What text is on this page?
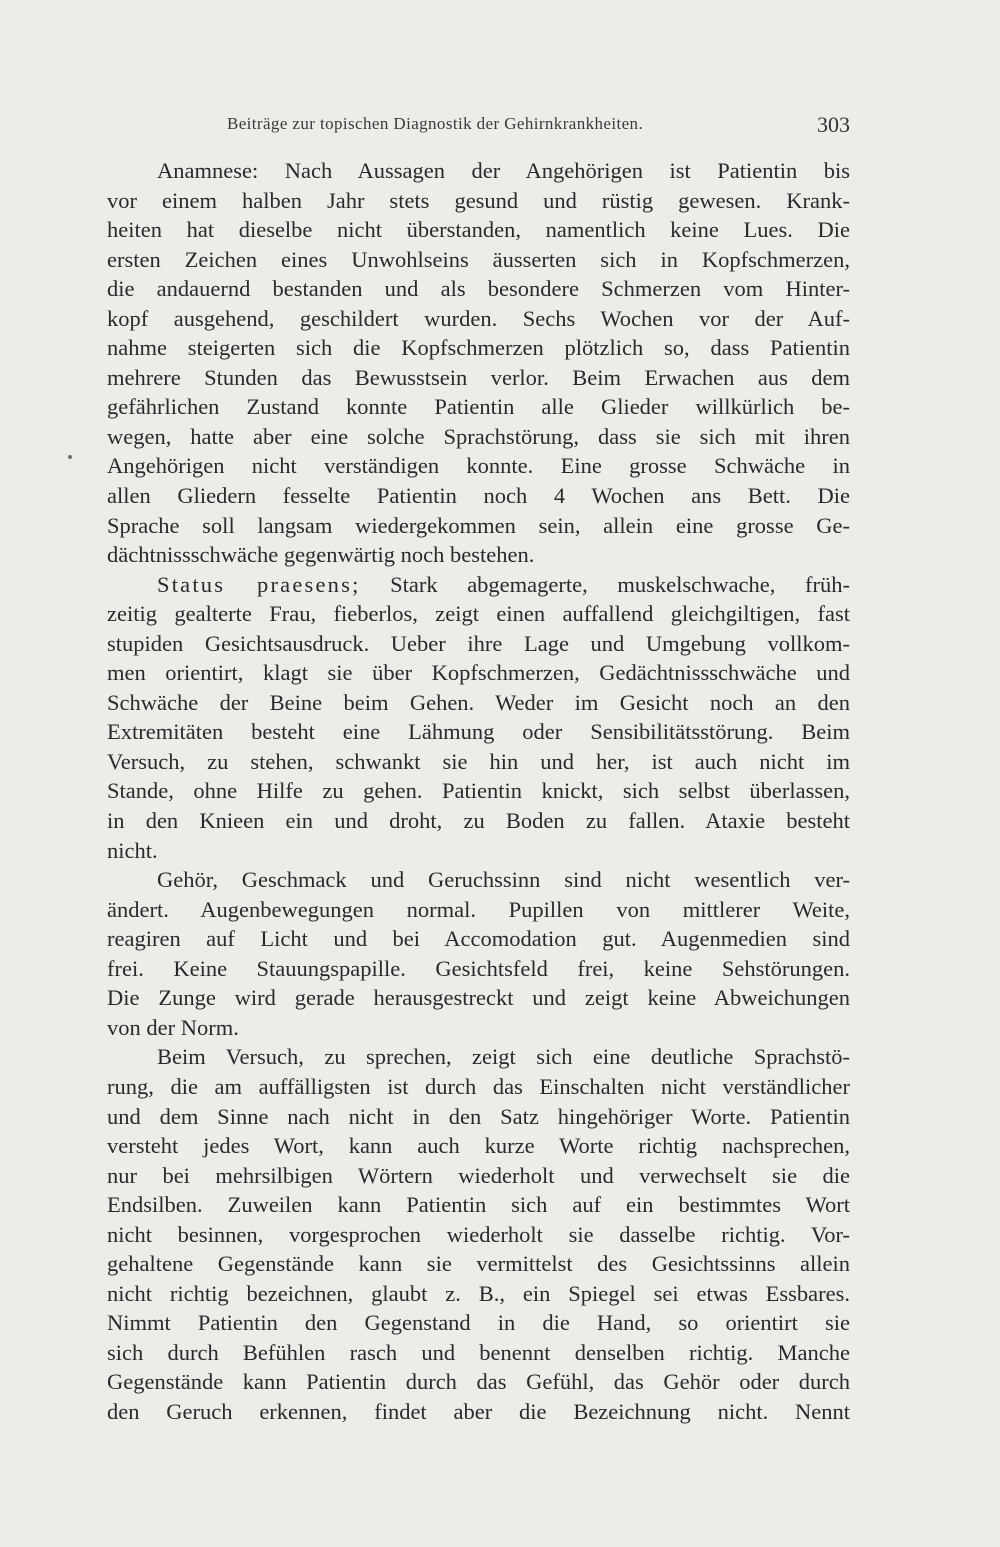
Beiträge zur topischen Diagnostik der Gehirnkrankheiten.	303
Anamnese: Nach Aussagen der Angehörigen ist Patientin bis
vor einem halben Jahr stets gesund und rüstig gewesen. Krank-
heiten hat dieselbe nicht überstanden, namentlich keine Lues. Die
ersten Zeichen eines Unwohlseins äusserten sich in Kopfschmerzen,
die andauernd bestanden und als besondere Schmerzen vom Hinter-
kopf ausgehend, geschildert wurden. Sechs Wochen vor der Auf-
nahme steigerten sich die Kopfschmerzen plötzlich so, dass Patientin
mehrere Stunden das Bewusstsein verlor. Beim Erwachen aus dem
gefährlichen Zustand konnte Patientin alle Glieder willkürlich be-
wegen, hatte aber eine solche Sprachstörung, dass sie sich mit ihren
Angehörigen nicht verständigen konnte. Eine grosse Schwäche in
allen Gliedern fesselte Patientin noch 4 Wochen ans Bett. Die
Sprache soll langsam wiedergekommen sein, allein eine grosse Ge-
dächtnissschwäche gegenwärtig noch bestehen.
Status praesens; Stark abgemagerte, muskelschwache, früh-
zeitig gealterte Frau, fieberlos, zeigt einen auffallend gleichgiltigen, fast
stupiden Gesichtsausdruck. Ueber ihre Lage und Umgebung vollkom-
men orientirt, klagt sie über Kopfschmerzen, Gedächtnissschwäche und
Schwäche der Beine beim Gehen. Weder im Gesicht noch an den
Extremitäten besteht eine Lähmung oder Sensibilitätsstörung. Beim
Versuch, zu stehen, schwankt sie hin und her, ist auch nicht im
Stande, ohne Hilfe zu gehen. Patientin knickt, sich selbst überlassen,
in den Knieen ein und droht, zu Boden zu fallen. Ataxie besteht
nicht.
Gehör, Geschmack und Geruchssinn sind nicht wesentlich ver-
ändert. Augenbewegungen normal. Pupillen von mittlerer Weite,
reagiren auf Licht und bei Accomodation gut. Augenmedien sind
frei. Keine Stauungspapille. Gesichtsfeld frei, keine Sehstörungen.
Die Zunge wird gerade herausgestreckt und zeigt keine Abweichungen
von der Norm.
Beim Versuch, zu sprechen, zeigt sich eine deutliche Sprachstö-
rung, die am auffälligsten ist durch das Einschalten nicht verständlicher
und dem Sinne nach nicht in den Satz hingehöriger Worte. Patientin
versteht jedes Wort, kann auch kurze Worte richtig nachsprechen,
nur bei mehrsilbigen Wörtern wiederholt und verwechselt sie die
Endsilben. Zuweilen kann Patientin sich auf ein bestimmtes Wort
nicht besinnen, vorgesprochen wiederholt sie dasselbe richtig. Vor-
gehaltene Gegenstände kann sie vermittelst des Gesichtssinns allein
nicht richtig bezeichnen, glaubt z. B., ein Spiegel sei etwas Essbares.
Nimmt Patientin den Gegenstand in die Hand, so orientirt sie
sich durch Befühlen rasch und benennt denselben richtig. Manche
Gegenstände kann Patientin durch das Gefühl, das Gehör oder durch
den Geruch erkennen, findet aber die Bezeichnung nicht. Nennt
